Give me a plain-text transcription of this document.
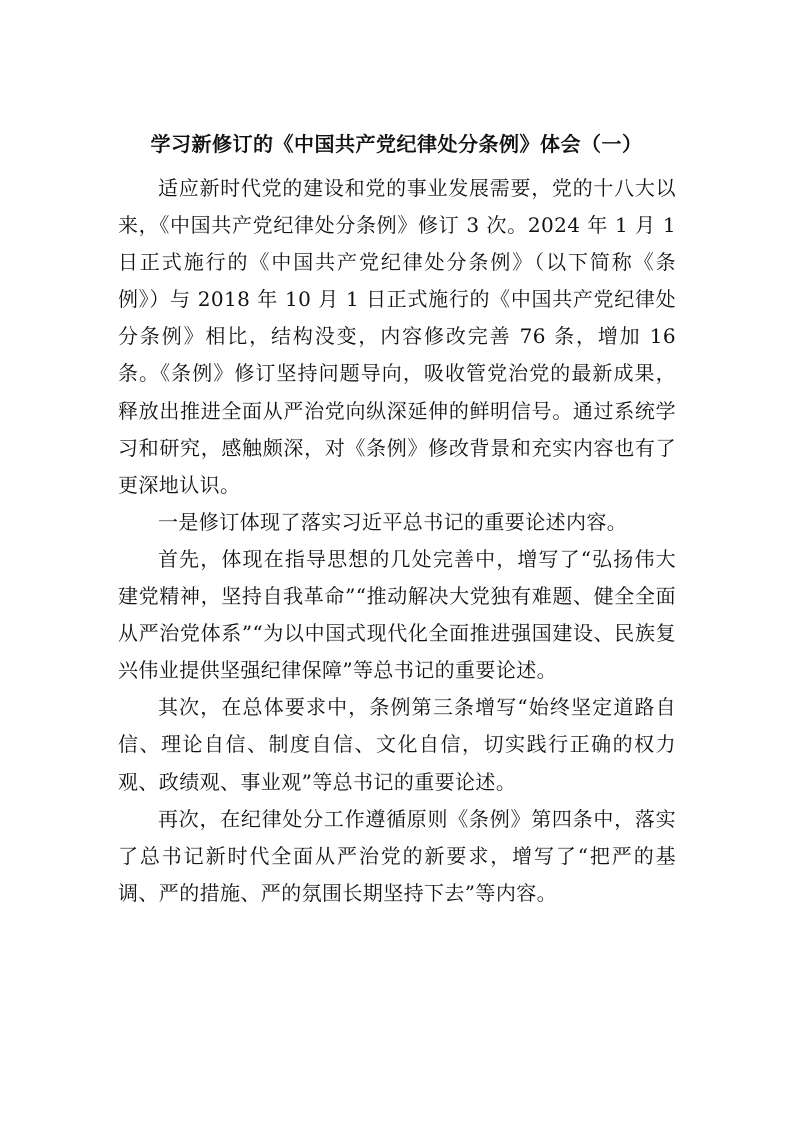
学习新修订的《中国共产党纪律处分条例》体会（一）

适应新时代党的建设和党的事业发展需要，党的十八大以来，《中国共产党纪律处分条例》修订 3 次。2024 年 1 月 1 日正式施行的《中国共产党纪律处分条例》（以下简称《条例》）与 2018 年 10 月 1 日正式施行的《中国共产党纪律处分条例》相比，结构没变，内容修改完善 76 条，增加 16 条。《条例》修订坚持问题导向，吸收管党治党的最新成果，释放出推进全面从严治党向纵深延伸的鲜明信号。通过系统学习和研究，感触颇深，对《条例》修改背景和充实内容也有了更深地认识。

一是修订体现了落实习近平总书记的重要论述内容。

首先，体现在指导思想的几处完善中，增写了“弘扬伟大建党精神，坚持自我革命”“推动解决大党独有难题、健全全面从严治党体系”“为以中国式现代化全面推进强国建设、民族复兴伟业提供坚强纪律保障”等总书记的重要论述。

其次，在总体要求中，条例第三条增写“始终坚定道路自信、理论自信、制度自信、文化自信，切实践行正确的权力观、政绩观、事业观”等总书记的重要论述。

再次，在纪律处分工作遵循原则《条例》第四条中，落实了总书记新时代全面从严治党的新要求，增写了“把严的基调、严的措施、严的氛围长期坚持下去”等内容。
